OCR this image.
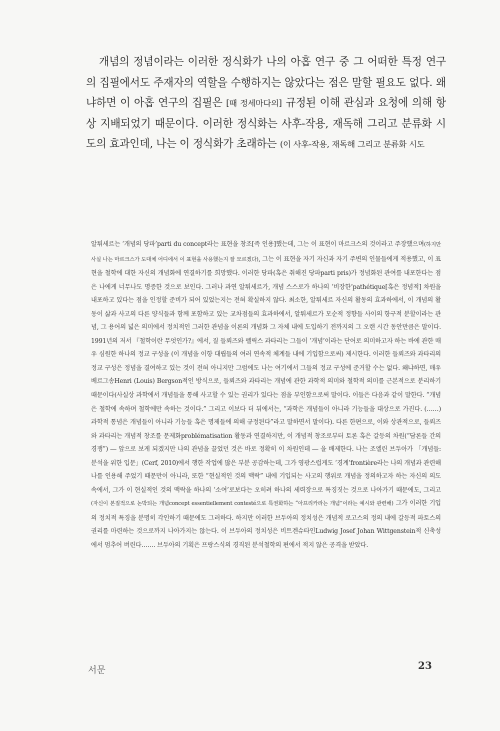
개념의 정념이라는 이러한 정식화가 나의 아홉 연구 중 그 어떠한 특정 연구의 집필에서도 주재자의 역할을 수행하지는 않았다는 점은 말할 필요도 없다. 왜냐하면 이 아홉 연구의 집필은 [때 정세마다의] 규정된 이해 관심과 요청에 의해 항상 지배되었기 때문이다. 이러한 정식화는 사후-작용, 재독해 그리고 분류화 시도의 효과인데, 나는 이 정식화가 초래하는 (이 사후-작용, 재독해 그리고 분류화 시도

알튀세르는 ‘개념의 당파’parti du concept라는 표현을 창조[즉 인용]했는데, 그는 이 표현이 마르크스의 것이라고 주장했으며(하지만 사실 나는 마르크스가 도대체 어디에서 이 표현을 사용했는지 잘 모르겠다), 그는 이 표현을 자기 자신과 자기 주변의 인물들에게 적용했고, 이 표현을 철학에 대한 자신의 개념화에 연결하기를 희망했다. 이러한 당파(혹은 취해진 당파parti pris)가 정념화된 관여를 내포한다는 점은 나에게 너무나도 명증한 것으로 보인다. 그러나 과연 알튀세르가, 개념 스스로가 하나의 ‘비장한’pathétique[혹은 정념적] 차원을 내포하고 있다는 점을 인정할 준비가 되어 있었는지는 전혀 확실하지 않다. 최소한, 알튀세르 자신의 활동의 효과하에서, 이 개념의 활동이 삶과 사고의 다른 양식들과 함께 포함하고 있는 교차점들의 효과하에서, 알튀세르가 모순적 정향들 사이의 항구적 분할이라는 관념, 그 용어의 넓은 의미에서 정치적인 그러한 관념을 이론의 개념화 그 자체 내에 도입하기 전까지의 그 오랜 시간 동안만큼은 말이다. 1991년의 저서 『철학이란 무엇인가?』에서, 질 들뢰즈와 펠릭스 과타리는 그들이 ‘개념’이라는 단어로 의미하고자 하는 바에 관한 매우 심원한 하나의 정교 구성을 (이 개념을 이항 대립들의 여러 연속적 체계들 내에 기입함으로써) 제시한다. 이러한 들뢰즈와 과타리의 정교 구성은 정념을 결여하고 있는 것이 전혀 아니지만 그럼에도 나는 여기에서 그들의 정교 구성에 준거할 수는 없다. 왜냐하면, 매우 베르그송Henri (Louis) Bergson적인 방식으로, 들뢰즈와 과타리는 개념에 관한 과학적 의미와 철학적 의미를 근본적으로 분리하기 때문이다(사실상 과학에서 개념들을 통해 사고할 수 있는 권리가 있다는 점을 부인함으로써 말이다. 이들은 다음과 같이 말한다. “개념은 철학에 속하며 철학에만 속하는 것이다.” 그리고 이보다 더 뒤에서는, “과학은 개념들이 아니라 기능들을 대상으로 가진다. (……) 과학적 통념은 개념들이 아니라 기능들 혹은 명제들에 의해 규정된다”라고 말하면서 말이다). 다른 한편으로, 이와 상관적으로, 들뢰즈와 과타리는 개념적 창조를 문제화problématisation 활동과 연결하지만, 이 개념적 창조로부터 토론 혹은 갈등의 차원(“담론들 간의 경쟁”) ― 앞으로 보게 되겠지만 나의 관념을 끌었던 것은 바로 정확히 이 차원인데 ― 을 배제한다. 나는 조엘린 브두아가 「개념들: 분석을 위한 입문」(Cerf, 2010)에서 행한 작업에 많은 부분 공감하는데, 그가 영광스럽게도 ‘경계’frontière라는 나의 개념과 관련해 나를 인용해 주었기 때문만이 아니라, 또한 “현실적인 것의 맥락” 내에 기입되는 사고의 행위로 개념을 정의하고자 하는 자신의 의도 속에서, 그가 이 현실적인 것의 맥락을 하나의 ‘소여’로보다는 오히려 하나의 세력장으로 특징짓는 것으로 나아가기 때문에도, 그리고 (자신이 본질적으로 논박되는 개념concept essentiellement contesté으로 특권화하는 “아프리카라는 개념”이라는 예시와 관련해) 그가 이러한 기입의 정치적 특징을 분명히 각인하기 때문에도 그러하다. 하지만 이러한 브두아의 정치성은 개념적 로고스의 정의 내에 갈등적 파토스의 권리를 마련하는 것으로까지 나아가지는 않는다. 이 브두아의 정치성은 비트겐슈타인Ludwig Josef Johan Wittgenstein적 신축성에서 멈추어 버린다……. 브두아의 기획은 프랑스식의 경직된 분석철학의 편에서 적지 않은 공격을 받았다.

서문	23
